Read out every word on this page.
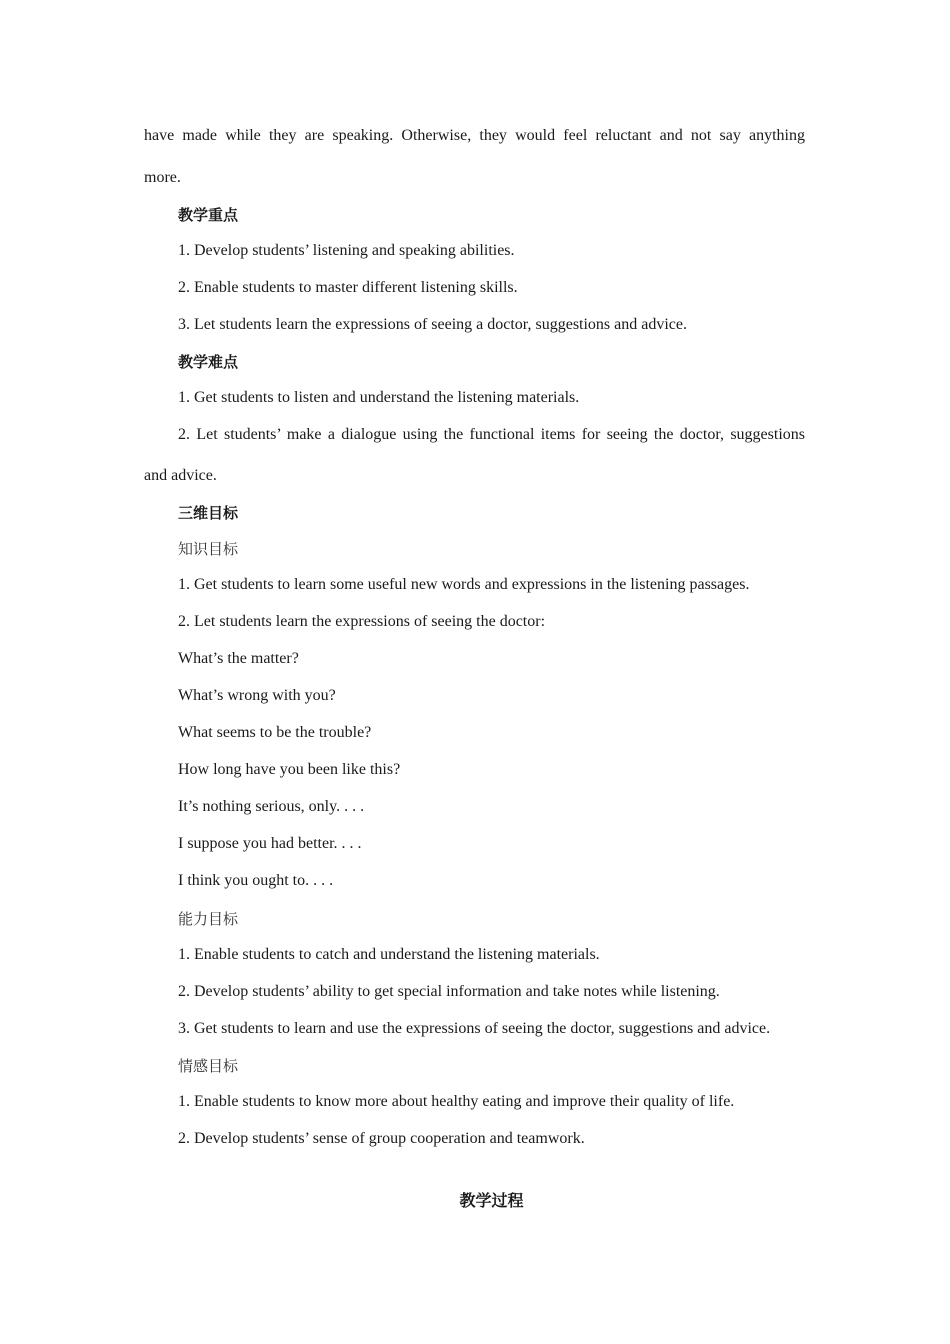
have made while they are speaking. Otherwise, they would feel reluctant and not say anything
more.
教学重点
1. Develop students’ listening and speaking abilities.
2. Enable students to master different listening skills.
3. Let students learn the expressions of seeing a doctor, suggestions and advice.
教学难点
1. Get students to listen and understand the listening materials.
2. Let students’ make a dialogue using the functional items for seeing the doctor, suggestions
and advice.
三维目标
知识目标
1. Get students to learn some useful new words and expressions in the listening passages.
2. Let students learn the expressions of seeing the doctor:
What’s the matter?
What’s wrong with you?
What seems to be the trouble?
How long have you been like this?
It’s nothing serious, only. . . .
I suppose you had better. . . .
I think you ought to. . . .
能力目标
1. Enable students to catch and understand the listening materials.
2. Develop students’ ability to get special information and take notes while listening.
3. Get students to learn and use the expressions of seeing the doctor, suggestions and advice.
情感目标
1. Enable students to know more about healthy eating and improve their quality of life.
2. Develop students’ sense of group cooperation and teamwork.
教学过程
